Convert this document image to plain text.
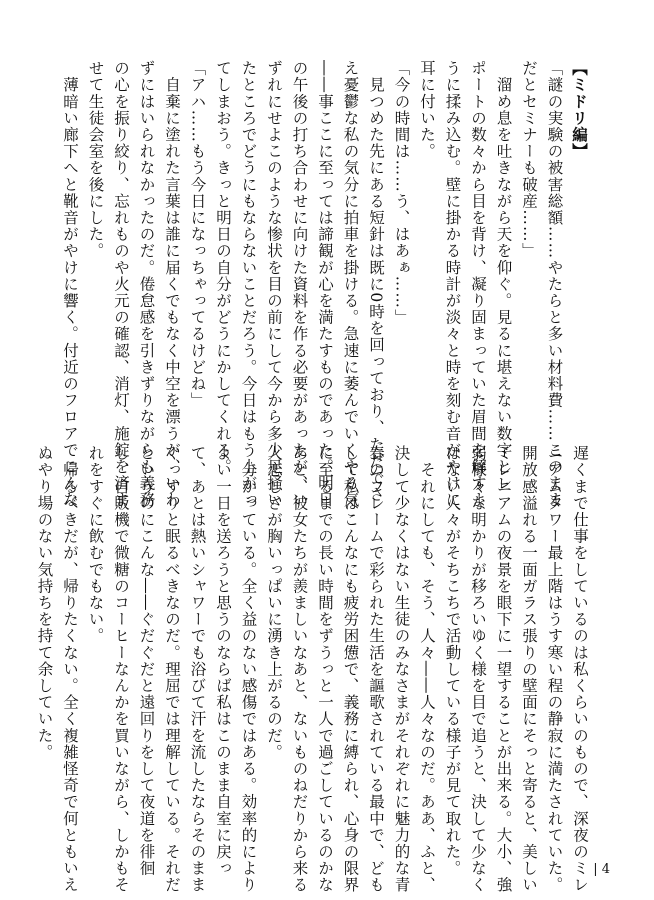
【ミドリ編】
「謎の実験の被害総額……やたらと多い材料費……このまま
だとセミナーも破産……」
　溜め息を吐きながら天を仰ぐ。見るに堪えない数字とレ
ポートの数々から目を背け、凝り固まっていた眉間を解すよ
うに揉み込む。壁に掛かる時計が淡々と時を刻む音がやけに
耳に付いた。
「今の時間は……う、はあぁ……」
　見つめた先にある短針は既に0時を回っており、ただでさ
え憂鬱な私の気分に拍車を掛ける。急速に萎んでいくやる気
――事ここに至っては諦観が心を満たすものであった。明日
の午後の打ち合わせに向けた資料を作る必要があったが、い
ずれにせよこのような惨状を目の前にして今から多少足掻い
たところでどうにもならないことだろう。今日はもう上がっ
てしまおう。きっと明日の自分がどうにかしてくれる。
「アハ……もう今日になっちゃってるけどね」
　自棄に塗れた言葉は誰に届くでもなく中空を漂うが、いわ
ずにはいられなかったのだ。倦怠感を引きずりながらも義務
の心を振り絞り、忘れものや火元の確認、消灯、施錠を済ま
せて生徒会室を後にした。
　薄暗い廊下へと靴音がやけに響く。付近のフロアでこんな
遅くまで仕事をしているのは私くらいのもので、深夜のミレ
ニアムタワー最上階はうす寒い程の静寂に満たされていた。
開放感溢れる一面ガラス張りの壁面にそっと寄ると、美しい
ミレニアムの夜景を眼下に一望することが出来る。大小、強
弱様々な明かりが移ろいゆく様を目で追うと、決して少なく
はない人々がそちこちで活動している様子が見て取れた。
　それにしても、そう、人々――人々なのだ。ああ、ふと、
決して少なくはない生徒のみなさまがそれぞれに魅力的な青
春のフレームで彩られた生活を謳歌されている最中で、ども
して私はこんなにも疲労困憊で、義務に縛られ、心身の限界
に至るまでの長い時間をずうっと一人で過ごしているのかな
あと、彼女たちが羨ましいなあと、ないものねだりから来る
人恋しさが胸いっぱいに湧き上がるのだ。
　分かっている。全く益のない感傷ではある。効率的により
よい一日を送ろうと思うのならば私はこのまま自室に戻っ
て、あとは熱いシャワーでも浴びて汗を流したならそのまま
ぐっすりと眠るべきなのだ。理屈では理解している。それだ
というのにこんな――ぐだぐだと遠回りをして夜道を徘徊
し、自販機で微糖のコーヒーなんかを買いながら、しかもそ
れをすぐに飲むでもない。
　帰るべきだが、帰りたくない。全く複雑怪奇で何ともいえ
ぬやり場のない気持ちを持て余していた。
| 4
